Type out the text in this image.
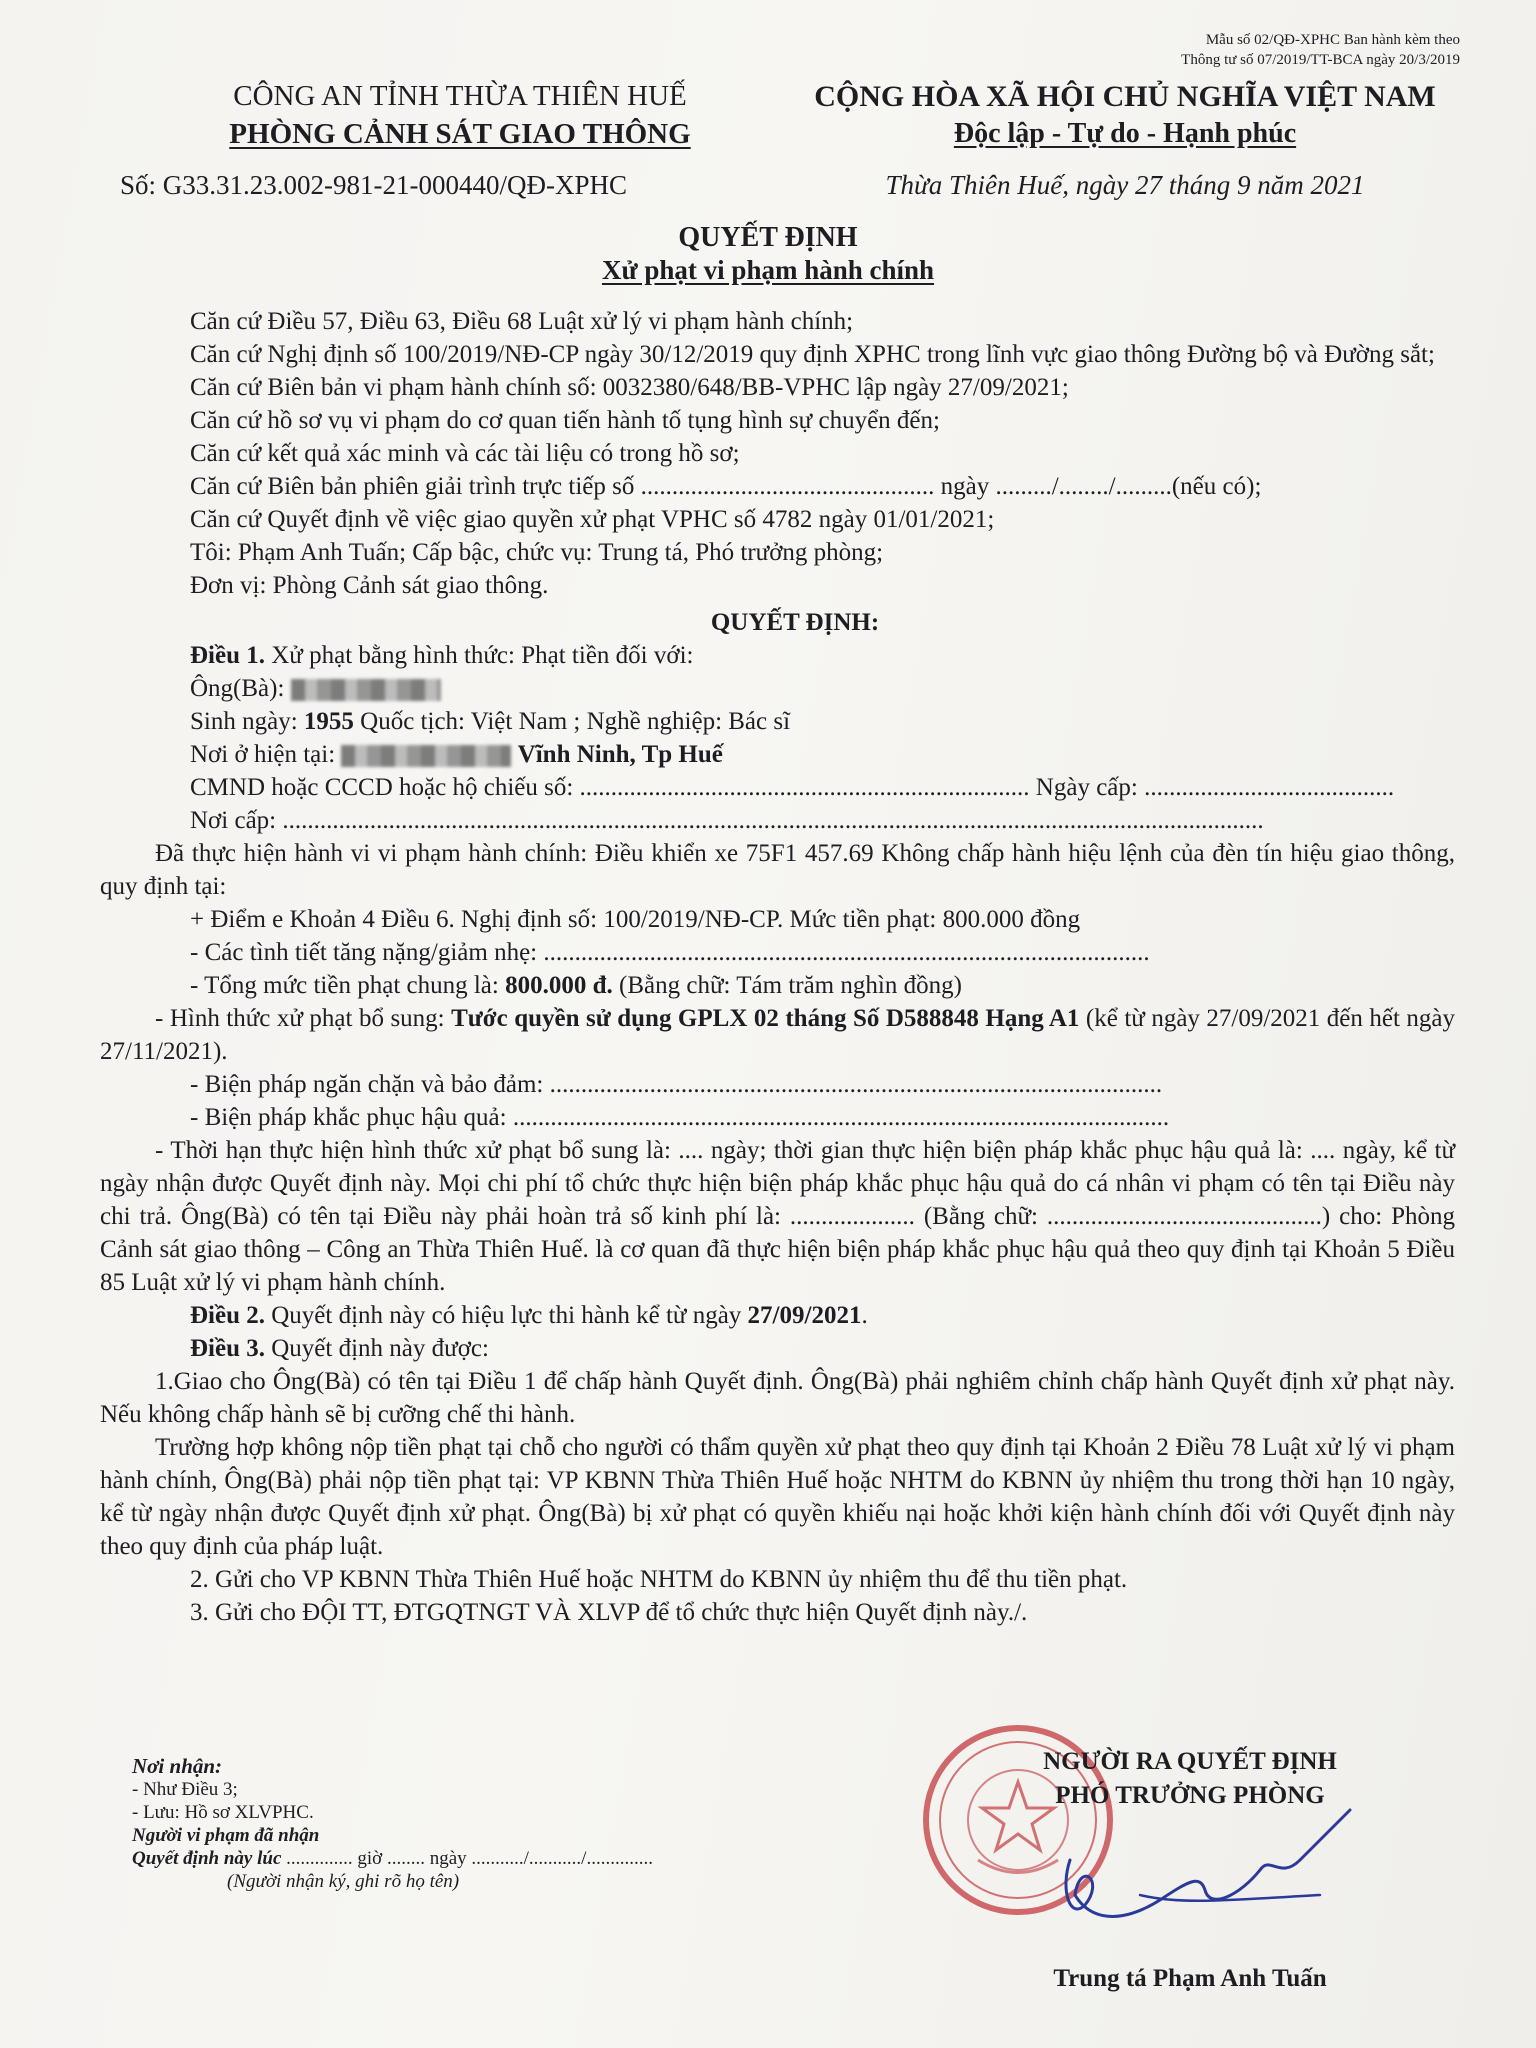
Mẫu số 02/QĐ-XPHC Ban hành kèm theo
Thông tư số 07/2019/TT-BCA ngày 20/3/2019
CÔNG AN TỈNH THỪA THIÊN HUẾ
PHÒNG CẢNH SÁT GIAO THÔNG
CỘNG HÒA XÃ HỘI CHỦ NGHĨA VIỆT NAM
Độc lập - Tự do - Hạnh phúc
Số: G33.31.23.002-981-21-000440/QĐ-XPHC	Thừa Thiên Huế, ngày 27 tháng 9 năm 2021
QUYẾT ĐỊNH
Xử phạt vi phạm hành chính

Căn cứ Điều 57, Điều 63, Điều 68 Luật xử lý vi phạm hành chính;

Căn cứ Nghị định số 100/2019/NĐ-CP ngày 30/12/2019 quy định XPHC trong lĩnh vực giao thông Đường bộ và Đường sắt;

Căn cứ Biên bản vi phạm hành chính số: 0032380/648/BB-VPHC lập ngày 27/09/2021;

Căn cứ hồ sơ vụ vi phạm do cơ quan tiến hành tố tụng hình sự chuyển đến;

Căn cứ kết quả xác minh và các tài liệu có trong hồ sơ;

Căn cứ Biên bản phiên giải trình trực tiếp số ............................................... ngày ........./......../.........(nếu có);

Căn cứ Quyết định về việc giao quyền xử phạt VPHC số 4782 ngày 01/01/2021;

Tôi: Phạm Anh Tuấn; Cấp bậc, chức vụ: Trung tá, Phó trưởng phòng;

Đơn vị: Phòng Cảnh sát giao thông.

QUYẾT ĐỊNH:

Điều 1. Xử phạt bằng hình thức: Phạt tiền đối với:

Ông(Bà):

Sinh ngày: 1955 Quốc tịch: Việt Nam ; Nghề nghiệp: Bác sĩ

Nơi ở hiện tại:	Vĩnh Ninh, Tp Huế

CMND hoặc CCCD hoặc hộ chiếu số: ........................................................................ Ngày cấp: ........................................

Nơi cấp: .............................................................................................................................................................

Đã thực hiện hành vi vi phạm hành chính: Điều khiển xe 75F1 457.69 Không chấp hành hiệu lệnh của đèn tín hiệu giao thông, quy định tại:

+ Điểm e Khoản 4 Điều 6. Nghị định số: 100/2019/NĐ-CP. Mức tiền phạt: 800.000 đồng

- Các tình tiết tăng nặng/giảm nhẹ: .................................................................................................

- Tổng mức tiền phạt chung là: 800.000 đ. (Bằng chữ: Tám trăm nghìn đồng)

- Hình thức xử phạt bổ sung: Tước quyền sử dụng GPLX 02 tháng Số D588848 Hạng A1 (kể từ ngày 27/09/2021 đến hết ngày 27/11/2021).

- Biện pháp ngăn chặn và bảo đảm: ..................................................................................................

- Biện pháp khắc phục hậu quả: .........................................................................................................

- Thời hạn thực hiện hình thức xử phạt bổ sung là: .... ngày; thời gian thực hiện biện pháp khắc phục hậu quả là: .... ngày, kể từ ngày nhận được Quyết định này. Mọi chi phí tổ chức thực hiện biện pháp khắc phục hậu quả do cá nhân vi phạm có tên tại Điều này chi trả. Ông(Bà) có tên tại Điều này phải hoàn trả số kinh phí là: .................... (Bằng chữ: ............................................) cho: Phòng Cảnh sát giao thông – Công an Thừa Thiên Huế. là cơ quan đã thực hiện biện pháp khắc phục hậu quả theo quy định tại Khoản 5 Điều 85 Luật xử lý vi phạm hành chính.

Điều 2. Quyết định này có hiệu lực thi hành kể từ ngày 27/09/2021.

Điều 3. Quyết định này được:

1.Giao cho Ông(Bà) có tên tại Điều 1 để chấp hành Quyết định. Ông(Bà) phải nghiêm chỉnh chấp hành Quyết định xử phạt này. Nếu không chấp hành sẽ bị cưỡng chế thi hành.

Trường hợp không nộp tiền phạt tại chỗ cho người có thẩm quyền xử phạt theo quy định tại Khoản 2 Điều 78 Luật xử lý vi phạm hành chính, Ông(Bà) phải nộp tiền phạt tại: VP KBNN Thừa Thiên Huế hoặc NHTM do KBNN ủy nhiệm thu trong thời hạn 10 ngày, kể từ ngày nhận được Quyết định xử phạt. Ông(Bà) bị xử phạt có quyền khiếu nại hoặc khởi kiện hành chính đối với Quyết định này theo quy định của pháp luật.

2. Gửi cho VP KBNN Thừa Thiên Huế hoặc NHTM do KBNN ủy nhiệm thu để thu tiền phạt.

3. Gửi cho ĐỘI TT, ĐTGQTNGT VÀ XLVP để tổ chức thực hiện Quyết định này./.

Nơi nhận:
- Như Điều 3;
- Lưu: Hồ sơ XLVPHC.
Người vi phạm đã nhận
Quyết định này lúc .............. giờ ........ ngày .........../.........../..............
(Người nhận ký, ghi rõ họ tên)
NGƯỜI RA QUYẾT ĐỊNH
PHÓ TRƯỞNG PHÒNG
Trung tá Phạm Anh Tuấn
